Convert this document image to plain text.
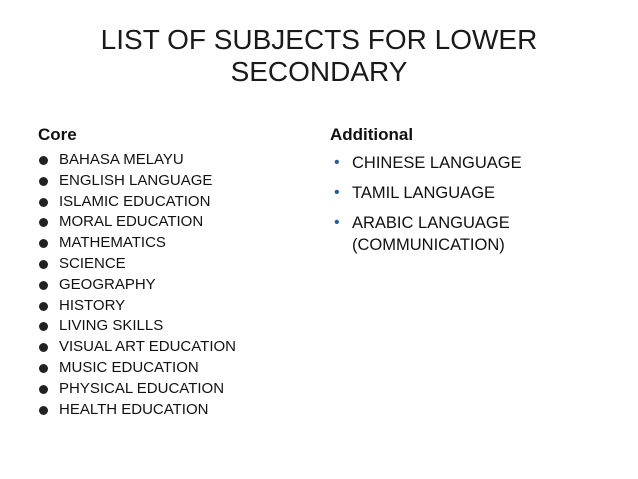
LIST OF SUBJECTS FOR LOWER
SECONDARY
Core
BAHASA MELAYU
ENGLISH LANGUAGE
ISLAMIC EDUCATION
MORAL EDUCATION
MATHEMATICS
SCIENCE
GEOGRAPHY
HISTORY
LIVING SKILLS
VISUAL ART EDUCATION
MUSIC EDUCATION
PHYSICAL EDUCATION
HEALTH EDUCATION
Additional
• CHINESE LANGUAGE
• TAMIL LANGUAGE
• ARABIC LANGUAGE
(COMMUNICATION)
